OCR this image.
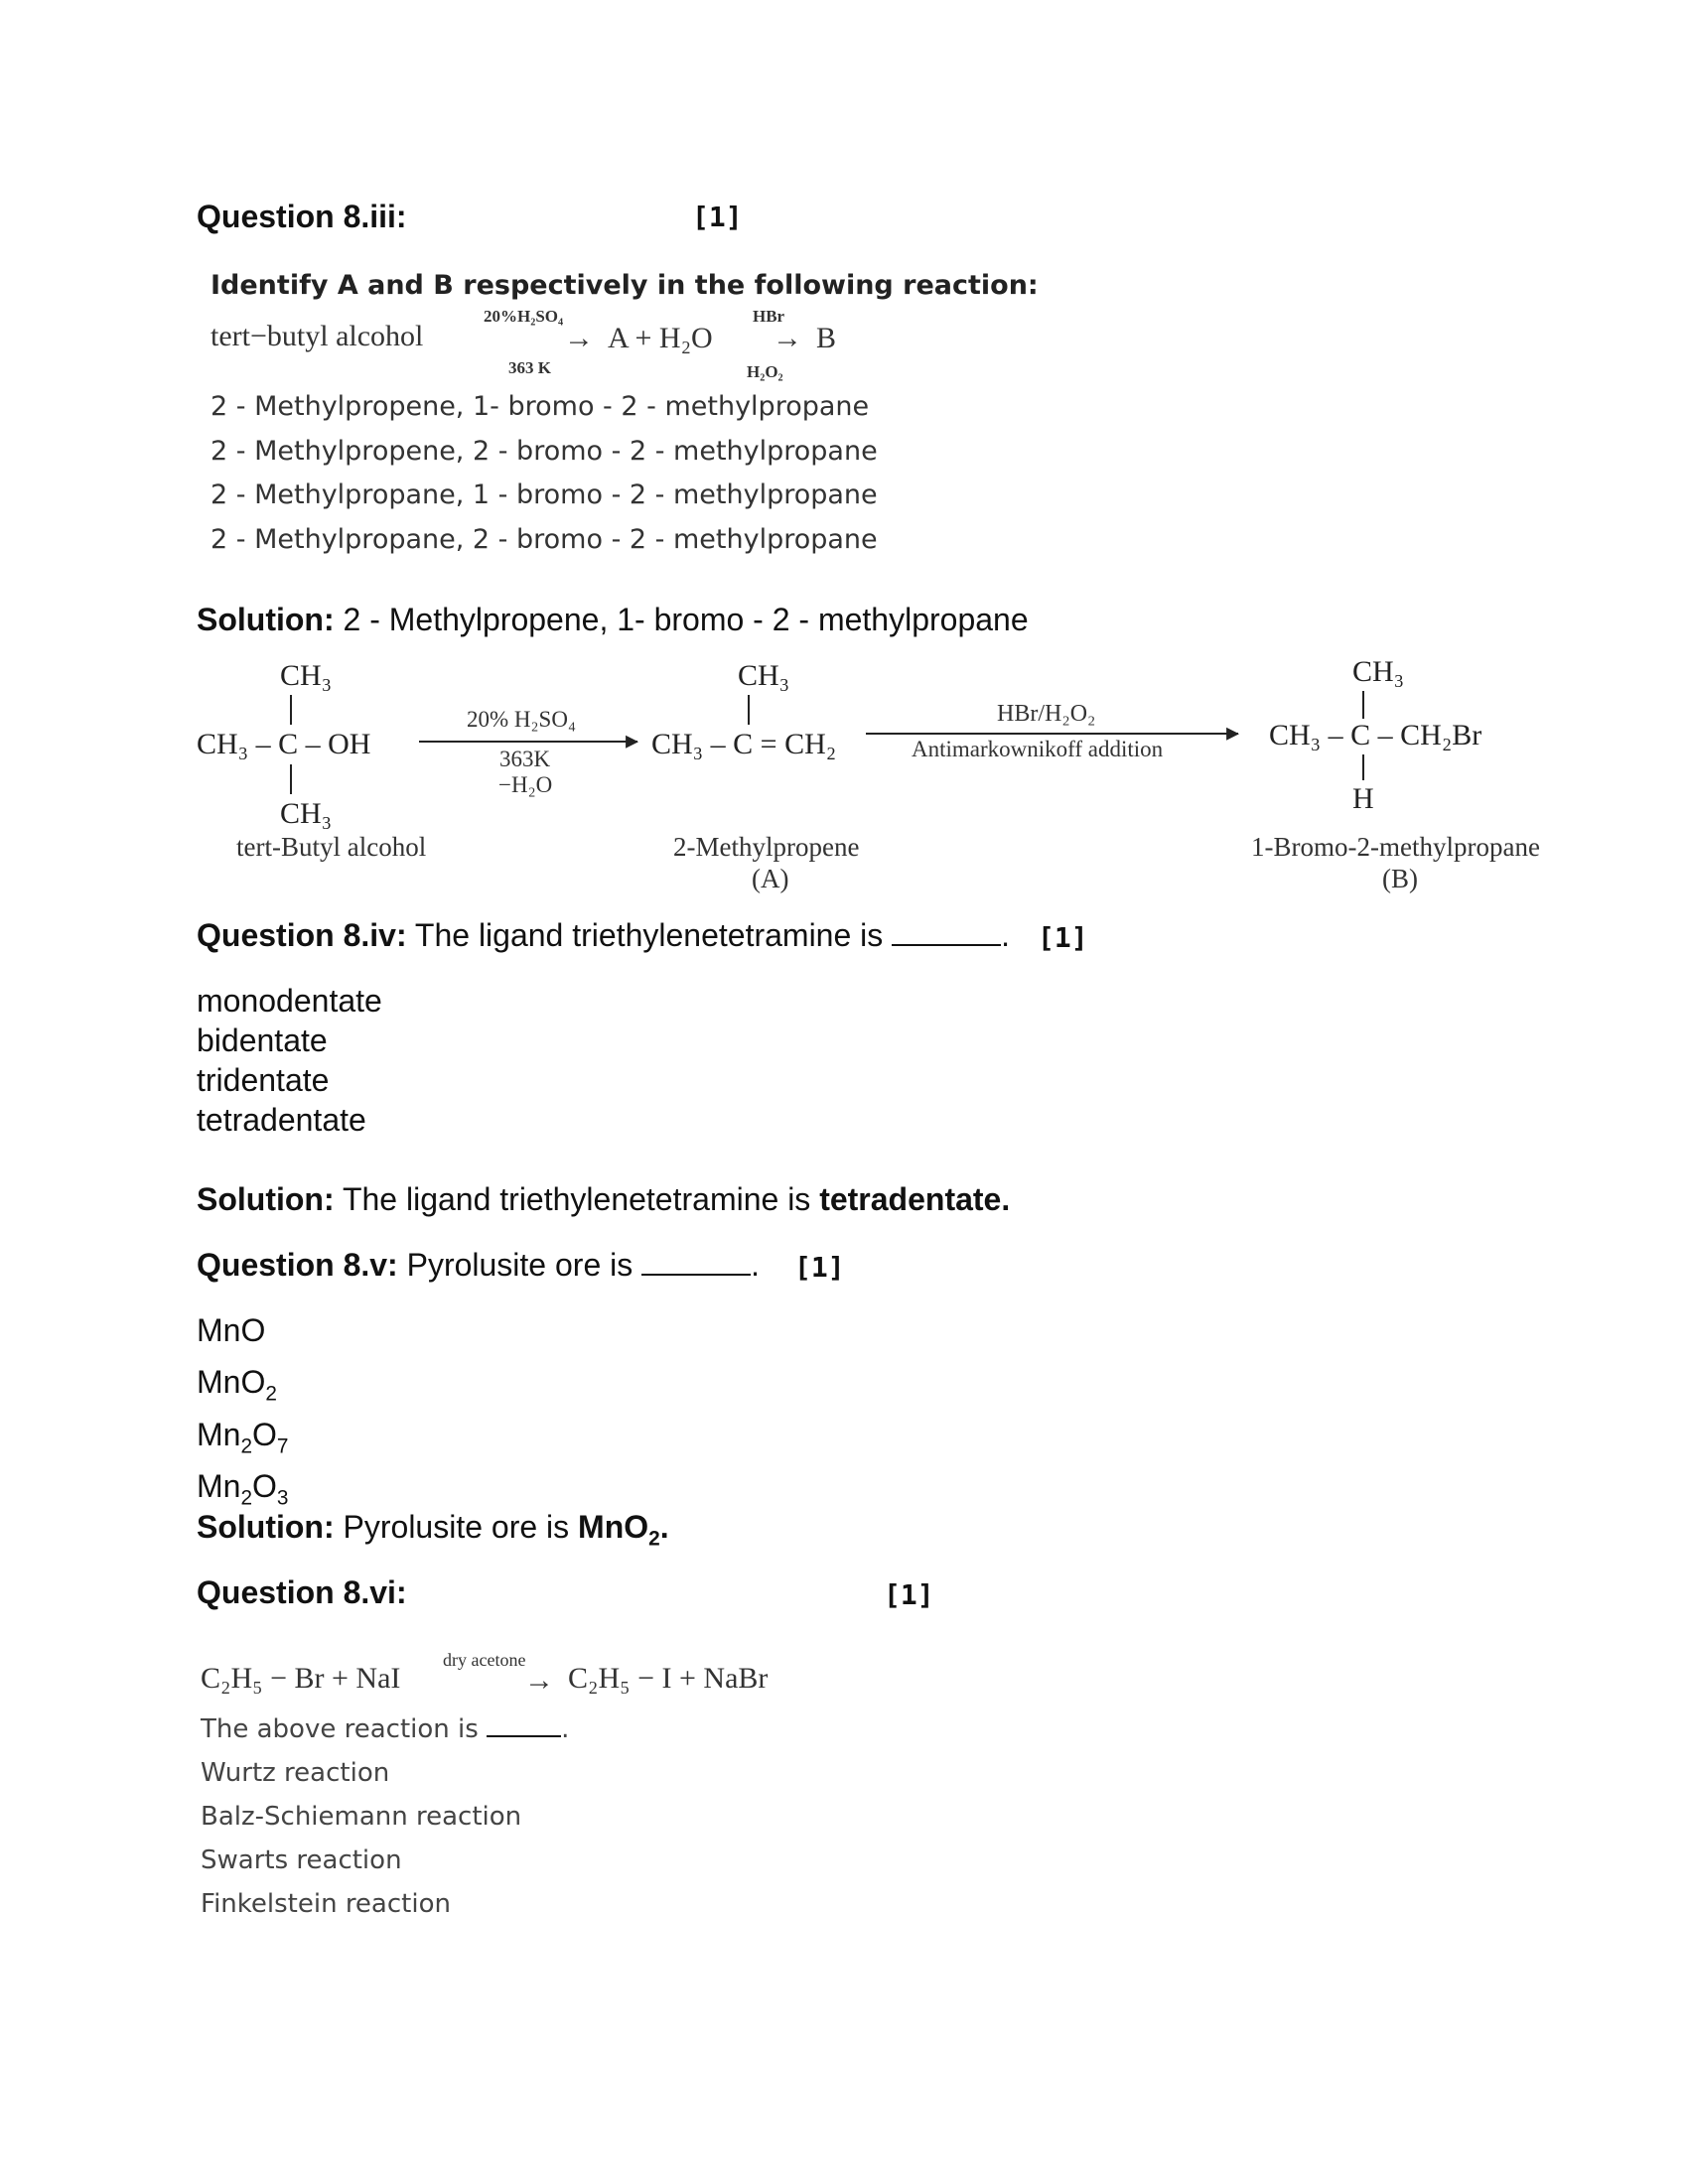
Question 8.iii:	[1]
Identify A and B respectively in the following reaction:
tert−butyl alcohol
20%H₂SO₄
→
363 K
A + H₂O
HBr
→
H₂O₂
B
2 - Methylpropene, 1- bromo - 2 - methylpropane
2 - Methylpropene, 2 - bromo - 2 - methylpropane
2 - Methylpropane, 1 - bromo - 2 - methylpropane
2 - Methylpropane, 2 - bromo - 2 - methylpropane
Solution: 2 - Methylpropene, 1- bromo - 2 - methylpropane
CH₃
CH₃ – C – OH
CH₃
tert-Butyl alcohol
20% H₂SO₄
▸
363K
−H₂O
CH₃
CH₃ – C = CH₂
2-Methylpropene
(A)
HBr/H₂O₂
▸
Antimarkownikoff addition
CH₃
CH₃ – C – CH₂Br
H
1-Bromo-2-methylpropane
(B)
Question 8.iv: The ligand triethylenetetramine is	. [1]
monodentate
bidentate
tridentate
tetradentate
Solution: The ligand triethylenetetramine is tetradentate.
Question 8.v: Pyrolusite ore is	. [1]
MnO
MnO$_2$
$Mn_2O_7$
$Mn_2O_3$
Solution: Pyrolusite ore is MnO$_2$.
Question 8.vi:	[1]
C₂H₅ − Br + NaI
dry acetone
→ C₂H₅ − I + NaBr
The above reaction is	.
Wurtz reaction
Balz-Schiemann reaction
Swarts reaction
Finkelstein reaction
